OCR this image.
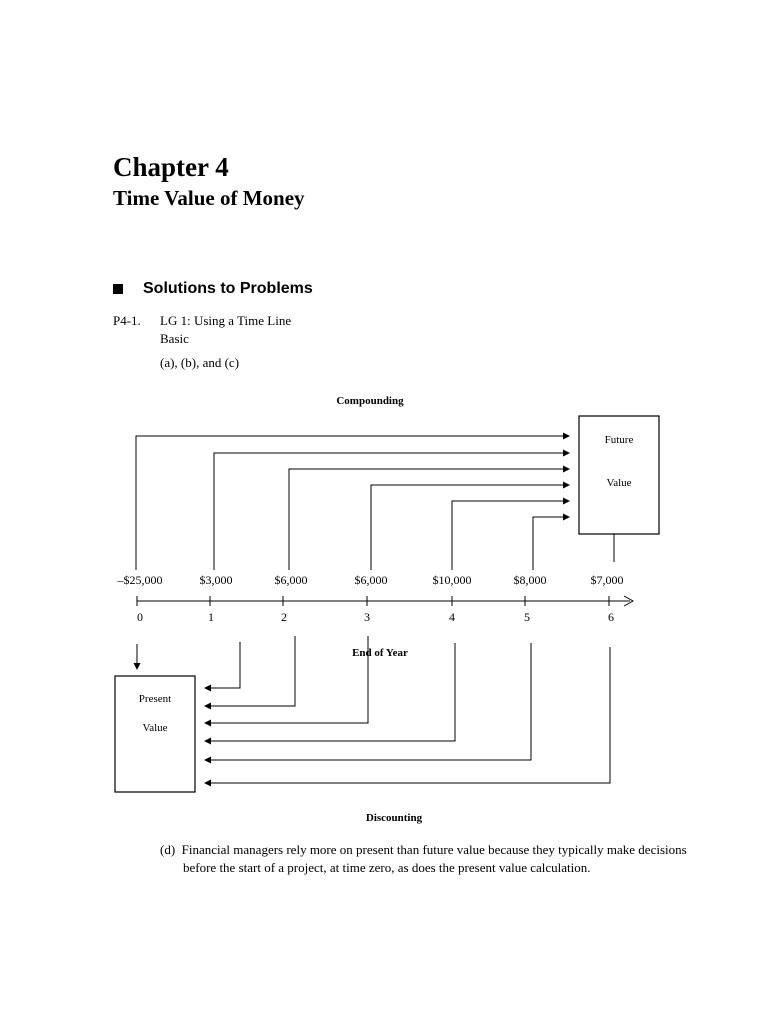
Chapter 4
Time Value of Money
Solutions to Problems
P4-1. LG 1: Using a Time Line
Basic
(a), (b), and (c)
Compounding
End of Year
Discounting
Future
Value
–$25,000	$3,000	$6,000	$6,000	$10,000	$8,000	$7,000
0	1	2	3	4	5	6
Present
Value
(d) Financial managers rely more on present than future value because they typically make decisions before the start of a project, at time zero, as does the present value calculation.
